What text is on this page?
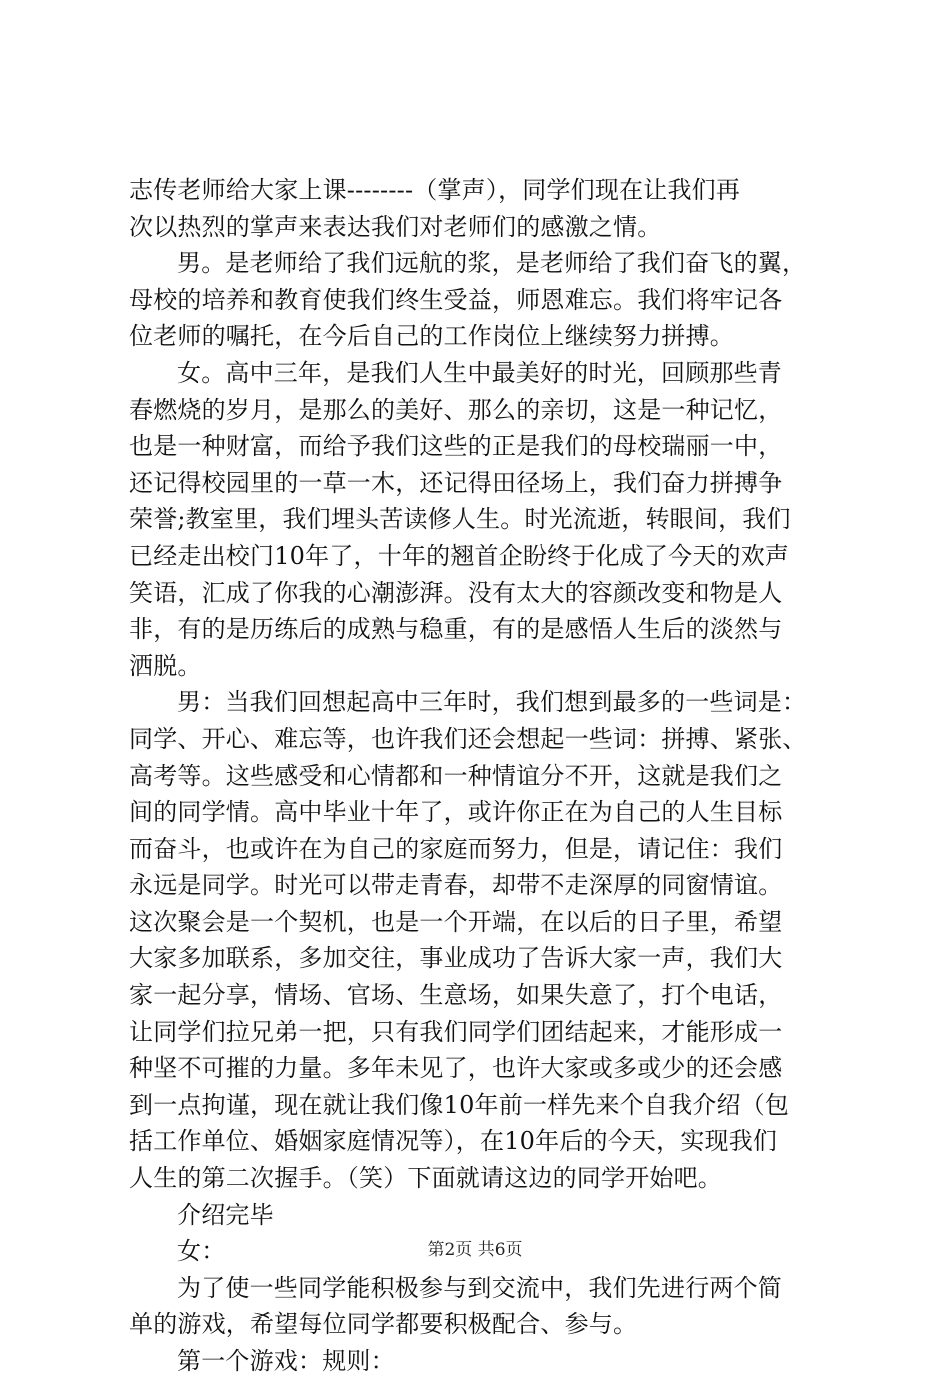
志传老师给大家上课--------（掌声），同学们现在让我们再
次以热烈的掌声来表达我们对老师们的感激之情。
男。是老师给了我们远航的浆，是老师给了我们奋飞的翼，
母校的培养和教育使我们终生受益，师恩难忘。我们将牢记各
位老师的嘱托，在今后自己的工作岗位上继续努力拼搏。
女。高中三年，是我们人生中最美好的时光，回顾那些青
春燃烧的岁月，是那么的美好、那么的亲切，这是一种记忆，
也是一种财富，而给予我们这些的正是我们的母校瑞丽一中，
还记得校园里的一草一木，还记得田径场上，我们奋力拼搏争
荣誉;教室里，我们埋头苦读修人生。时光流逝，转眼间，我们
已经走出校门10年了，十年的翘首企盼终于化成了今天的欢声
笑语，汇成了你我的心潮澎湃。没有太大的容颜改变和物是人
非，有的是历练后的成熟与稳重，有的是感悟人生后的淡然与
洒脱。
男：当我们回想起高中三年时，我们想到最多的一些词是：
同学、开心、难忘等，也许我们还会想起一些词：拼搏、紧张、
高考等。这些感受和心情都和一种情谊分不开，这就是我们之
间的同学情。高中毕业十年了，或许你正在为自己的人生目标
而奋斗，也或许在为自己的家庭而努力，但是，请记住：我们
永远是同学。时光可以带走青春，却带不走深厚的同窗情谊。
这次聚会是一个契机，也是一个开端，在以后的日子里，希望
大家多加联系，多加交往，事业成功了告诉大家一声，我们大
家一起分享，情场、官场、生意场，如果失意了，打个电话，
让同学们拉兄弟一把，只有我们同学们团结起来，才能形成一
种坚不可摧的力量。多年未见了，也许大家或多或少的还会感
到一点拘谨，现在就让我们像10年前一样先来个自我介绍（包
括工作单位、婚姻家庭情况等），在10年后的今天，实现我们
人生的第二次握手。（笑）下面就请这边的同学开始吧。
介绍完毕
女：
为了使一些同学能积极参与到交流中，我们先进行两个简
单的游戏，希望每位同学都要积极配合、参与。
第一个游戏：规则：
第2页 共6页
